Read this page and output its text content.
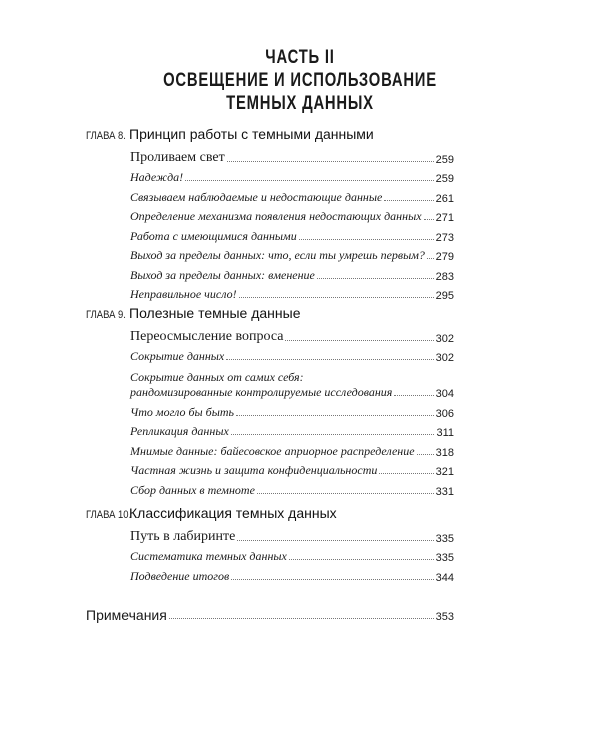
ЧАСТЬ II
ОСВЕЩЕНИЕ И ИСПОЛЬЗОВАНИЕ
ТЕМНЫХ ДАННЫХ
ГЛАВА 8. Принцип работы с темными данными
Проливаем свет	259
Надежда!	259
Связываем наблюдаемые и недостающие данные	261
Определение механизма появления недостающих данных 271
Работа с имеющимися данными	273
Выход за пределы данных: что, если ты умрешь первым? 279
Выход за пределы данных: вменение	283
Неправильное число!	295
ГЛАВА 9. Полезные темные данные
Переосмысление вопроса	302
Сокрытие данных	302
Сокрытие данных от самих себя:
рандомизированные контролируемые исследования	304
Что могло бы быть	306
Репликация данных	311
Мнимые данные: байесовское априорное распределение 318
Частная жизнь и защита конфиденциальности	321
Сбор данных в темноте	331
ГЛАВА 10.
Классификация темных данных
Путь в лабиринте	335
Систематика темных данных	335
Подведение итогов	344
Примечания	353
